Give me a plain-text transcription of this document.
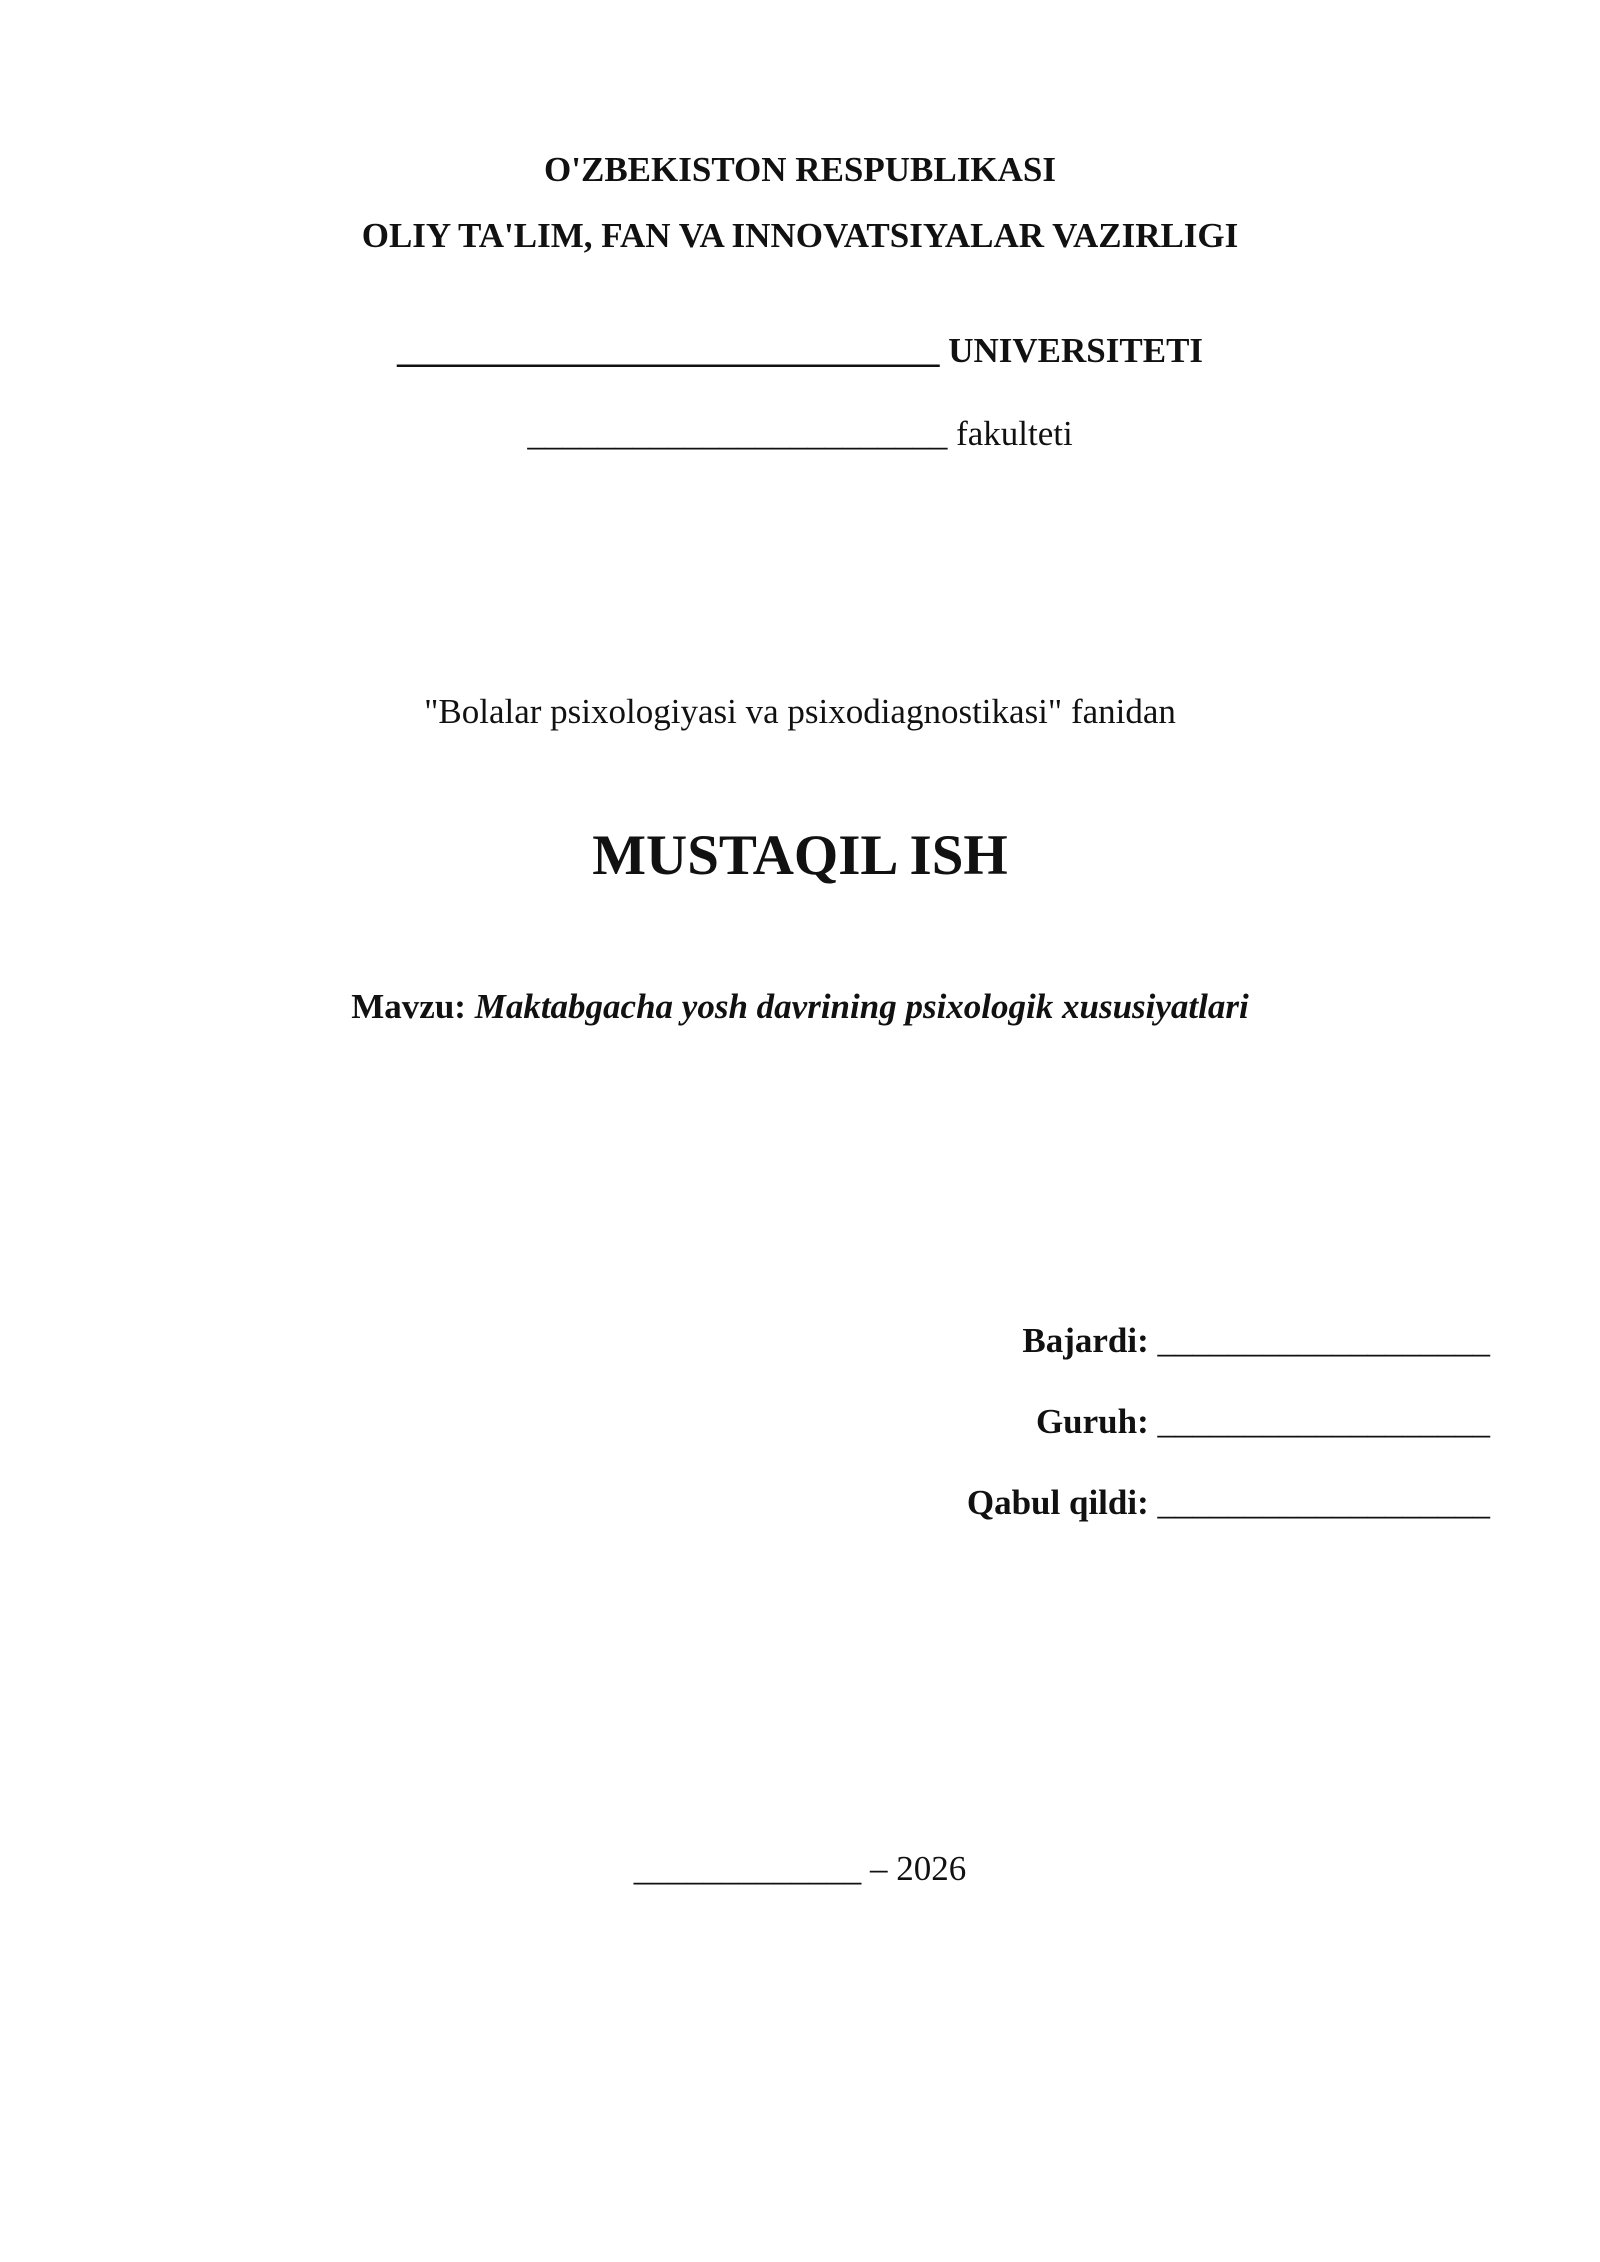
O'ZBEKISTON RESPUBLIKASI
OLIY TA'LIM, FAN VA INNOVATSIYALAR VAZIRLIGI
_______________________________ UNIVERSITETI
________________________ fakulteti
"Bolalar psixologiyasi va psixodiagnostikasi" fanidan
MUSTAQIL ISH
Mavzu: Maktabgacha yosh davrining psixologik xususiyatlari
Bajardi: ___________________
Guruh: ___________________
Qabul qildi: ___________________
_____________ – 2026
